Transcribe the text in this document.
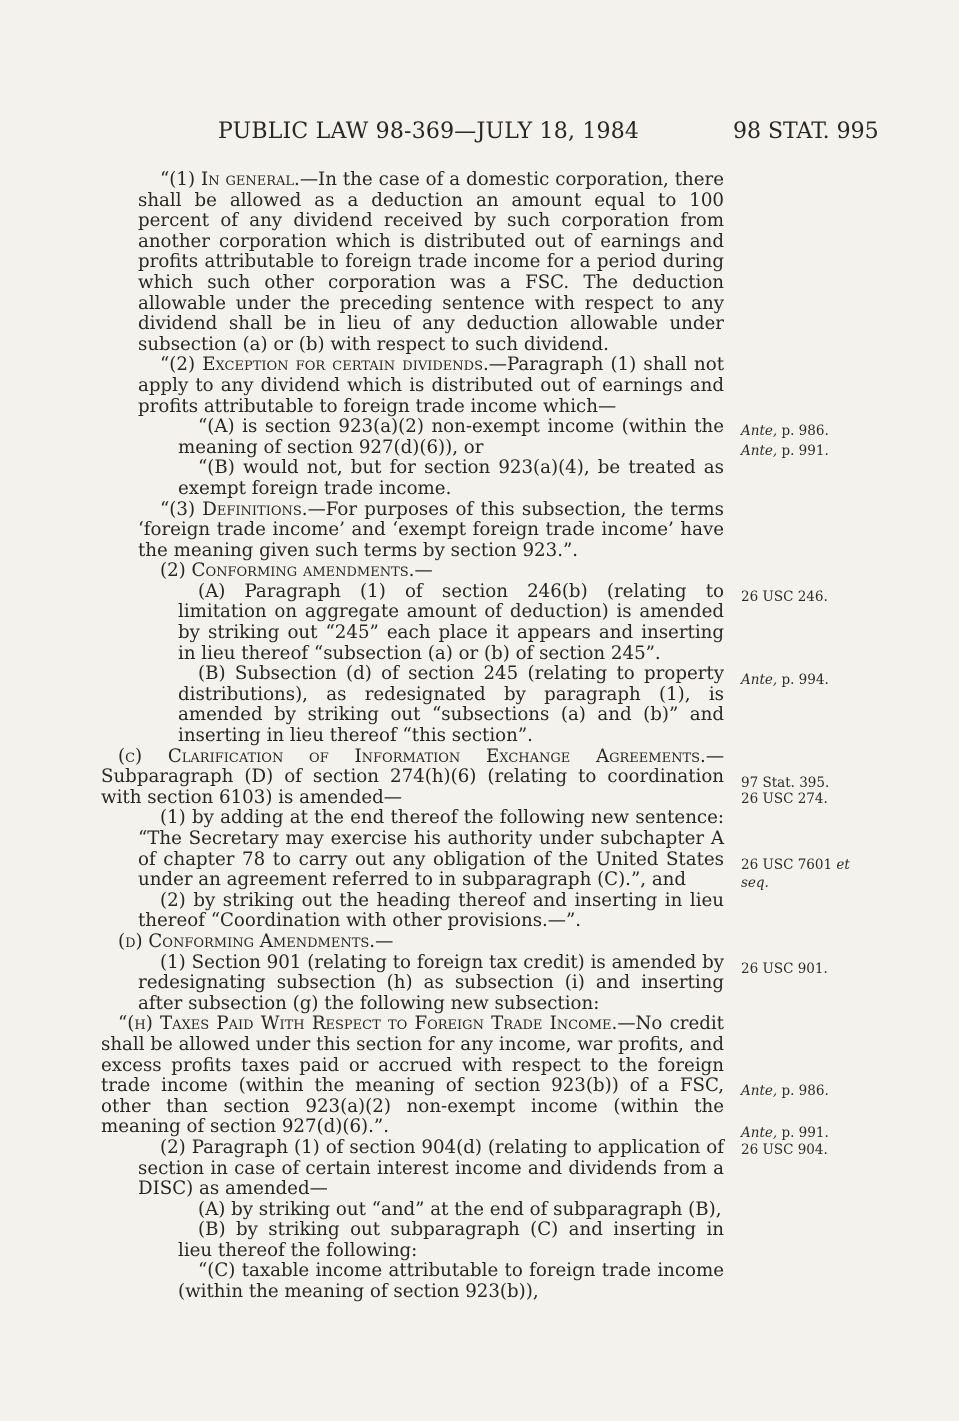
PUBLIC LAW 98-369—JULY 18, 1984	98 STAT. 995

“(1) In general.—In the case of a domestic corporation, there shall be allowed as a deduction an amount equal to 100 percent of any dividend received by such corporation from another corporation which is distributed out of earnings and profits attributable to foreign trade income for a period during which such other corporation was a FSC. The deduction allowable under the preceding sentence with respect to any dividend shall be in lieu of any deduction allowable under subsection (a) or (b) with respect to such dividend.

“(2) Exception for certain dividends.—Paragraph (1) shall not apply to any dividend which is distributed out of earnings and profits attributable to foreign trade income which—

“(A) is section 923(a)(2) non-exempt income (within the meaning of section 927(d)(6)), or

“(B) would not, but for section 923(a)(4), be treated as exempt foreign trade income.

“(3) Definitions.—For purposes of this subsection, the terms ‘foreign trade income’ and ‘exempt foreign trade income’ have the meaning given such terms by section 923.”.

(2) Conforming amendments.—

(A) Paragraph (1) of section 246(b) (relating to limitation on aggregate amount of deduction) is amended by striking out “245” each place it appears and inserting in lieu thereof “subsection (a) or (b) of section 245”.

(B) Subsection (d) of section 245 (relating to property distributions), as redesignated by paragraph (1), is amended by striking out “subsections (a) and (b)” and inserting in lieu thereof “this section”.

(c) Clarification of Information Exchange Agreements.—Subparagraph (D) of section 274(h)(6) (relating to coordination with section 6103) is amended—

(1) by adding at the end thereof the following new sentence: “The Secretary may exercise his authority under subchapter A of chapter 78 to carry out any obligation of the United States under an agreement referred to in subparagraph (C).”, and

(2) by striking out the heading thereof and inserting in lieu thereof “Coordination with other provisions.—”.

(d) Conforming Amendments.—

(1) Section 901 (relating to foreign tax credit) is amended by redesignating subsection (h) as subsection (i) and inserting after subsection (g) the following new subsection:

“(h) Taxes Paid With Respect to Foreign Trade Income.—No credit shall be allowed under this section for any income, war profits, and excess profits taxes paid or accrued with respect to the foreign trade income (within the meaning of section 923(b)) of a FSC, other than section 923(a)(2) non-exempt income (within the meaning of section 927(d)(6).”.

(2) Paragraph (1) of section 904(d) (relating to application of section in case of certain interest income and dividends from a DISC) as amended—

(A) by striking out “and” at the end of subparagraph (B),

(B) by striking out subparagraph (C) and inserting in lieu thereof the following:

“(C) taxable income attributable to foreign trade income (within the meaning of section 923(b)),

Ante, p. 986.
Ante, p. 991.
26 USC 246.
Ante, p. 994.
97 Stat. 395.
26 USC 274.
26 USC 7601 et
seq.
26 USC 901.
Ante, p. 986.
Ante, p. 991.
26 USC 904.
